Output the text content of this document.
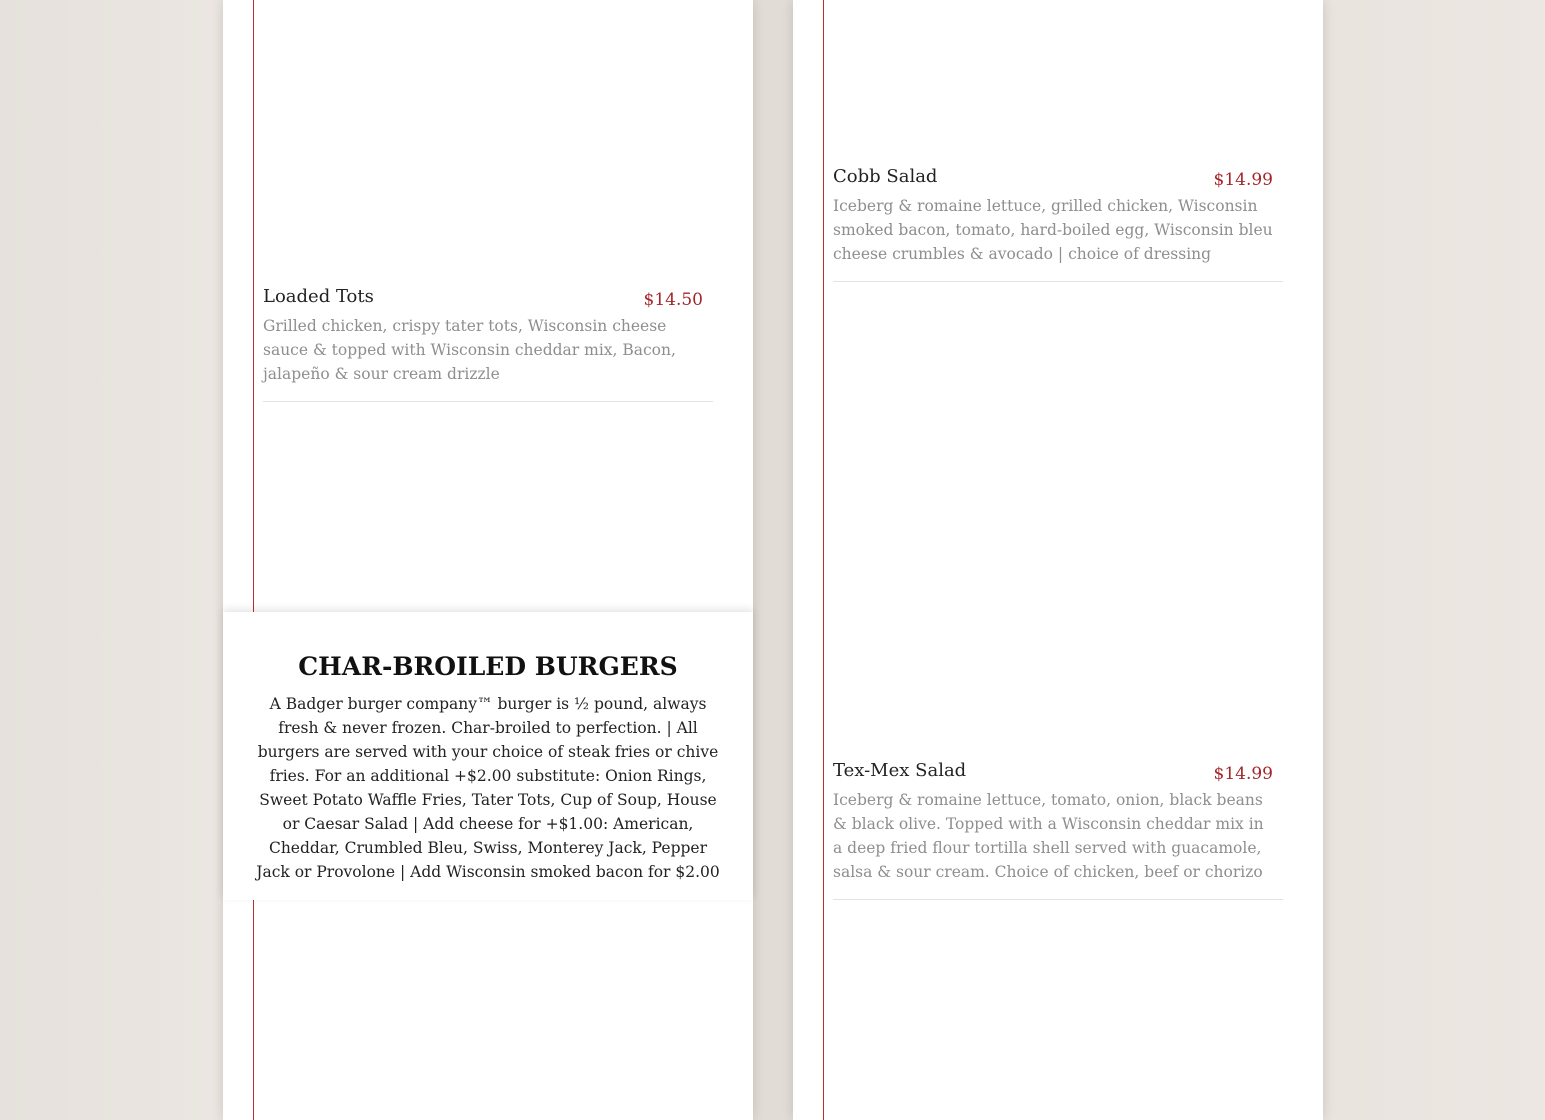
Loaded Tots	$14.50

Grilled chicken, crispy tater tots, Wisconsin cheese sauce & topped with Wisconsin cheddar mix, Bacon, jalapeño & sour cream drizzle

Cobb Salad	$14.99

Iceberg & romaine lettuce, grilled chicken, Wisconsin smoked bacon, tomato, hard-boiled egg, Wisconsin bleu cheese crumbles & avocado | choice of dressing

Tex-Mex Salad	$14.99

Iceberg & romaine lettuce, tomato, onion, black beans & black olive. Topped with a Wisconsin cheddar mix in a deep fried flour tortilla shell served with guacamole, salsa & sour cream. Choice of chicken, beef or chorizo

CHAR-BROILED BURGERS

A Badger burger company™ burger is ½ pound, always fresh & never frozen. Char-broiled to perfection. | All burgers are served with your choice of steak fries or chive fries. For an additional +$2.00 substitute: Onion Rings, Sweet Potato Waffle Fries, Tater Tots, Cup of Soup, House or Caesar Salad | Add cheese for +$1.00: American, Cheddar, Crumbled Bleu, Swiss, Monterey Jack, Pepper Jack or Provolone | Add Wisconsin smoked bacon for $2.00
